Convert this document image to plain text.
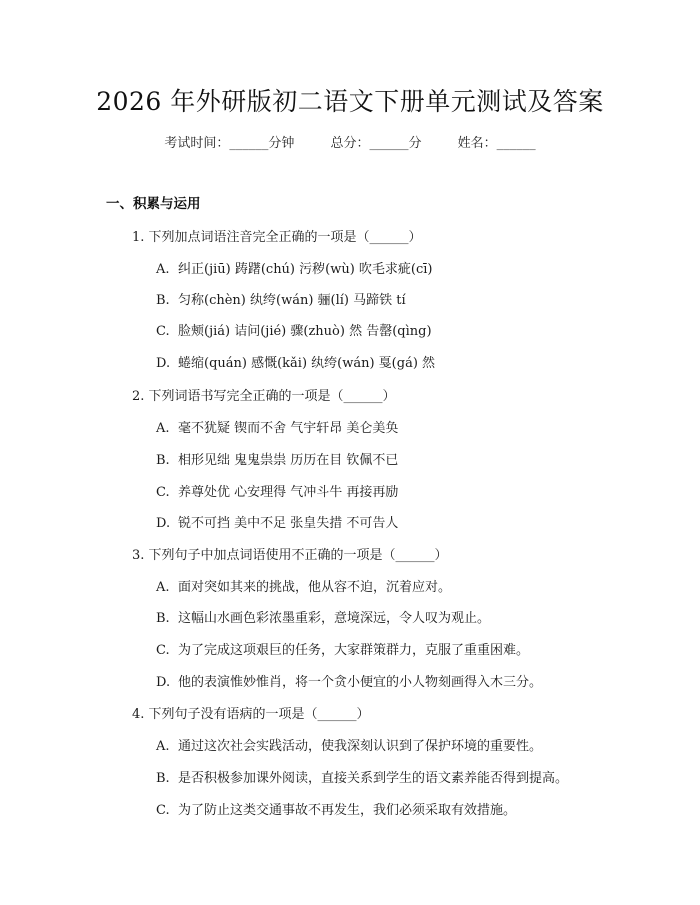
2026 年外研版初二语文下册单元测试及答案
考试时间：______分钟	总分：______分	姓名：______
一、积累与运用
1. 下列加点词语注音完全正确的一项是（______）
A. 纠正(jiū) 踌躇(chú) 污秽(wù) 吹毛求疵(cī)
B. 匀称(chèn) 纨绔(wán) 骊(lí) 马蹄铁 tí
C. 脸颊(jiá) 诘问(jié) 骤(zhuò) 然 告罄(qìng)
D. 蜷缩(quán) 感慨(kǎi) 纨绔(wán) 戛(gá) 然
2. 下列词语书写完全正确的一项是（______）
A. 毫不犹疑 锲而不舍 气宇轩昂 美仑美奂
B. 相形见绌 鬼鬼祟祟 历历在目 钦佩不已
C. 养尊处优 心安理得 气冲斗牛 再接再励
D. 锐不可挡 美中不足 张皇失措 不可告人
3. 下列句子中加点词语使用不正确的一项是（______）
A. 面对突如其来的挑战，他从容不迫，沉着应对。
B. 这幅山水画色彩浓墨重彩，意境深远，令人叹为观止。
C. 为了完成这项艰巨的任务，大家群策群力，克服了重重困难。
D. 他的表演惟妙惟肖，将一个贪小便宜的小人物刻画得入木三分。
4. 下列句子没有语病的一项是（______）
A. 通过这次社会实践活动，使我深刻认识到了保护环境的重要性。
B. 是否积极参加课外阅读，直接关系到学生的语文素养能否得到提高。
C. 为了防止这类交通事故不再发生，我们必须采取有效措施。
